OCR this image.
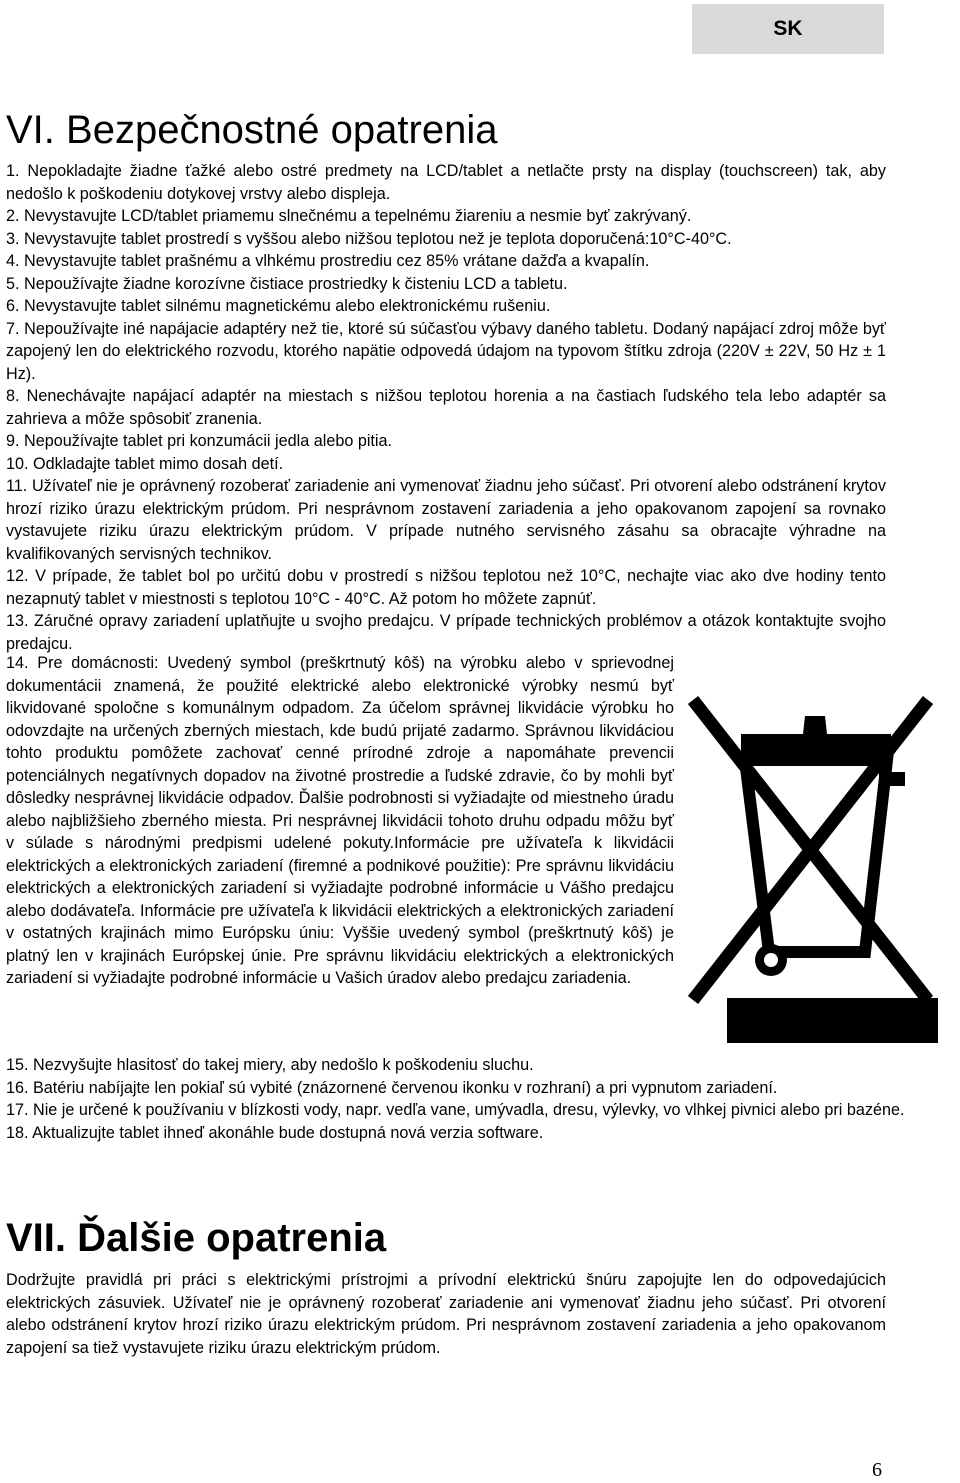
SK
VI. Bezpečnostné opatrenia

1. Nepokladajte žiadne ťažké alebo ostré predmety na LCD/tablet a netlačte prsty na display (touchscreen) tak, aby nedošlo k poškodeniu dotykovej vrstvy alebo displeja.

2. Nevystavujte LCD/tablet priamemu slnečnému a tepelnému žiareniu a nesmie byť zakrývaný.

3. Nevystavujte tablet prostredí s vyššou alebo nižšou teplotou než je teplota doporučená:10°C-40°C.

4. Nevystavujte tablet prašnému a vlhkému prostrediu cez 85% vrátane dažďa a kvapalín.

5. Nepoužívajte žiadne korozívne čistiace prostriedky k čisteniu LCD a tabletu.

6. Nevystavujte tablet silnému magnetickému alebo elektronickému rušeniu.

7. Nepoužívajte iné napájacie adaptéry než tie, ktoré sú súčasťou výbavy daného tabletu. Dodaný napájací zdroj môže byť zapojený len do elektrického rozvodu, ktorého napätie odpovedá údajom na typovom štítku zdroja (220V ± 22V, 50 Hz ± 1 Hz).

8. Nenechávajte napájací adaptér na miestach s nižšou teplotou horenia a na častiach ľudského tela lebo adaptér sa zahrieva a môže spôsobiť zranenia.

9. Nepoužívajte tablet pri konzumácii jedla alebo pitia.

10. Odkladajte tablet mimo dosah detí.

11. Užívateľ nie je oprávnený rozoberať zariadenie ani vymenovať žiadnu jeho súčasť. Pri otvorení alebo odstránení krytov hrozí riziko úrazu elektrickým prúdom. Pri nesprávnom zostavení zariadenia a jeho opakovanom zapojení sa rovnako vystavujete riziku úrazu elektrickým prúdom. V prípade nutného servisného zásahu sa obracajte výhradne na kvalifikovaných servisných technikov.

12. V prípade, že tablet bol po určitú dobu v prostredí s nižšou teplotou než 10°C, nechajte viac ako dve hodiny tento nezapnutý tablet v miestnosti s teplotou 10°C - 40°C. Až potom ho môžete zapnúť.

13. Záručné opravy zariadení uplatňujte u svojho predajcu. V prípade technických problémov a otázok kontaktujte svojho predajcu.

14. Pre domácnosti: Uvedený symbol (preškrtnutý kôš) na výrobku alebo v sprievodnej dokumentácii znamená, že použité elektrické alebo elektronické výrobky nesmú byť likvidované spoločne s komunálnym odpadom. Za účelom správnej likvidácie výrobku ho odovzdajte na určených zberných miestach, kde budú prijaté zadarmo. Správnou likvidáciou tohto produktu pomôžete zachovať cenné prírodné zdroje a napomáhate prevencii potenciálnych negatívnych dopadov na životné prostredie a ľudské zdravie, čo by mohli byť dôsledky nesprávnej likvidácie odpadov. Ďalšie podrobnosti si vyžiadajte od miestneho úradu alebo najbližšieho zberného miesta. Pri nesprávnej likvidácii tohoto druhu odpadu môžu byť v súlade s národnými predpismi udelené pokuty.Informácie pre užívateľa k likvidácii elektrických a elektronických zariadení (firemné a podnikové použitie): Pre správnu likvidáciu elektrických a elektronických zariadení si vyžiadajte podrobné informácie u Vášho predajcu alebo dodávateľa. Informácie pre užívateľa k likvidácii elektrických a elektronických zariadení v ostatných krajinách mimo Európsku úniu: Vyššie uvedený symbol (preškrtnutý kôš) je platný len v krajinách Európskej únie. Pre správnu likvidáciu elektrických a elektronických zariadení si vyžiadajte podrobné informácie u Vašich úradov alebo predajcu zariadenia.

15. Nezvyšujte hlasitosť do takej miery, aby nedošlo k poškodeniu sluchu.

16. Batériu nabíjajte len pokiaľ sú vybité (znázornené červenou ikonku v rozhraní) a pri vypnutom zariadení.

17. Nie je určené k používaniu v blízkosti vody, napr. vedľa vane, umývadla, dresu, výlevky, vo vlhkej pivnici alebo pri bazéne.

18. Aktualizujte tablet ihneď akonáhle bude dostupná nová verzia software.

VII. Ďalšie opatrenia

Dodržujte pravidlá pri práci s elektrickými prístrojmi a prívodní elektrickú šnúru zapojujte len do odpovedajúcich elektrických zásuviek. Užívateľ nie je oprávnený rozoberať zariadenie ani vymenovať žiadnu jeho súčasť. Pri otvorení alebo odstránení krytov hrozí riziko úrazu elektrickým prúdom. Pri nesprávnom zostavení zariadenia a jeho opakovanom zapojení sa tiež vystavujete riziku úrazu elektrickým prúdom.

6
